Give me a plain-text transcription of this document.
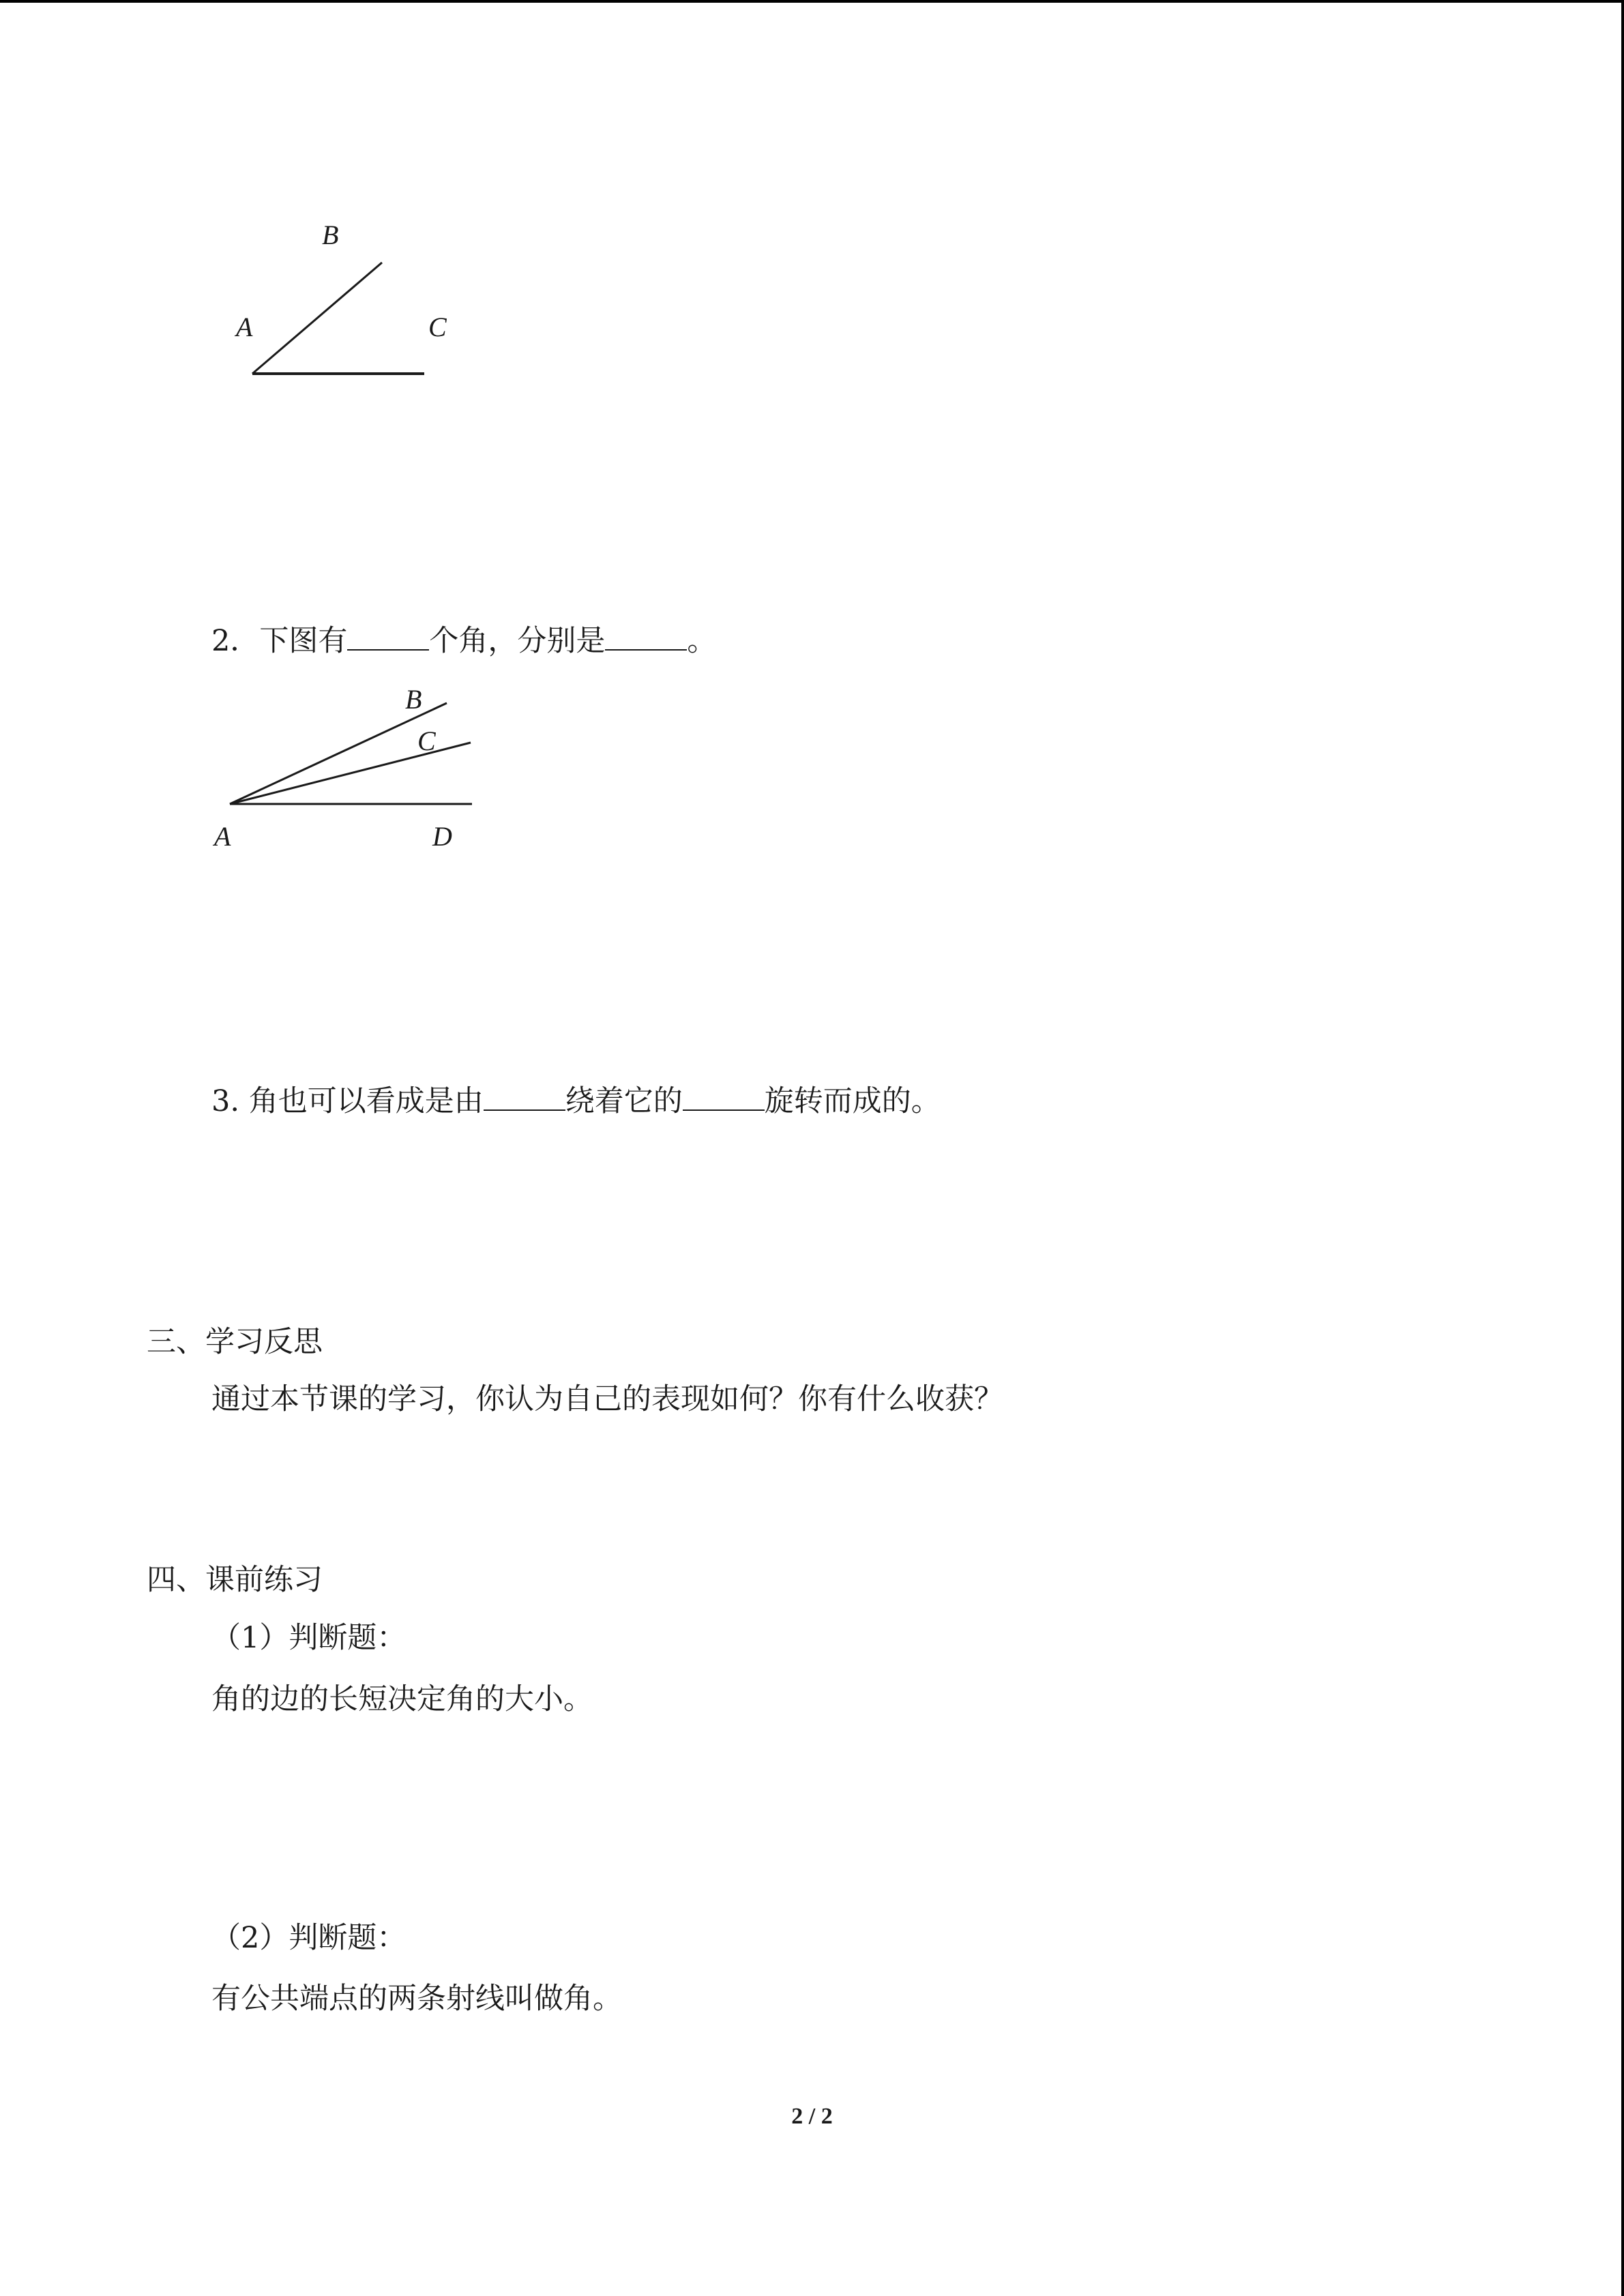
B
A	C
2．下图有	个角，分别是	。
B
C
A	D
3. 角也可以看成是由	绕着它的	旋转而成的。
三、学习反思
通过本节课的学习，你认为自己的表现如何？你有什么收获？
四、课前练习
（1）判断题：
角的边的长短决定角的大小。
（2）判断题：
有公共端点的两条射线叫做角。
2 / 2
